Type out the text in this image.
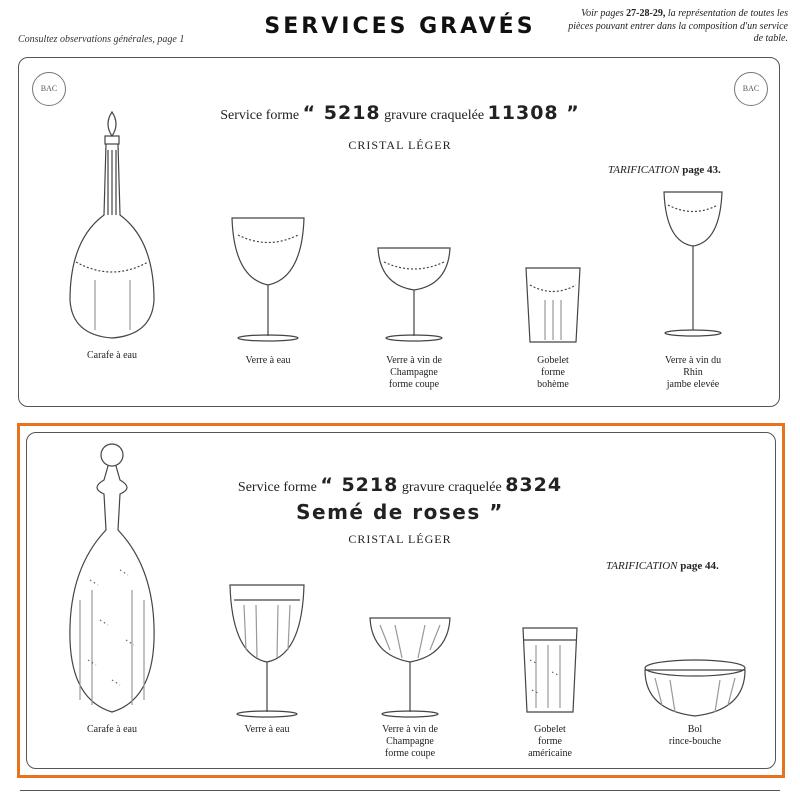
Consultez observations générales, page 1
SERVICES GRAVÉS
Voir pages 27-28-29, la représentation de toutes les pièces pouvant entrer dans la composition d'un service de table.
BAC	BAC
Service forme “ 5218 gravure craquelée 11308 ”
CRISTAL LÉGER
TARIFICATION page 43.
Carafe à eau	Verre à eau	Verre à vin de
Champagne
forme coupe
Gobelet
forme
bohème
Verre à vin du
Rhin
jambe elevée
Service forme “ 5218 gravure craquelée 8324
Semé de roses ”
CRISTAL LÉGER
TARIFICATION page 44.
Carafe à eau	Verre à eau	Verre à vin de
Champagne
forme coupe
Gobelet
forme
américaine
Bol
rince-bouche
